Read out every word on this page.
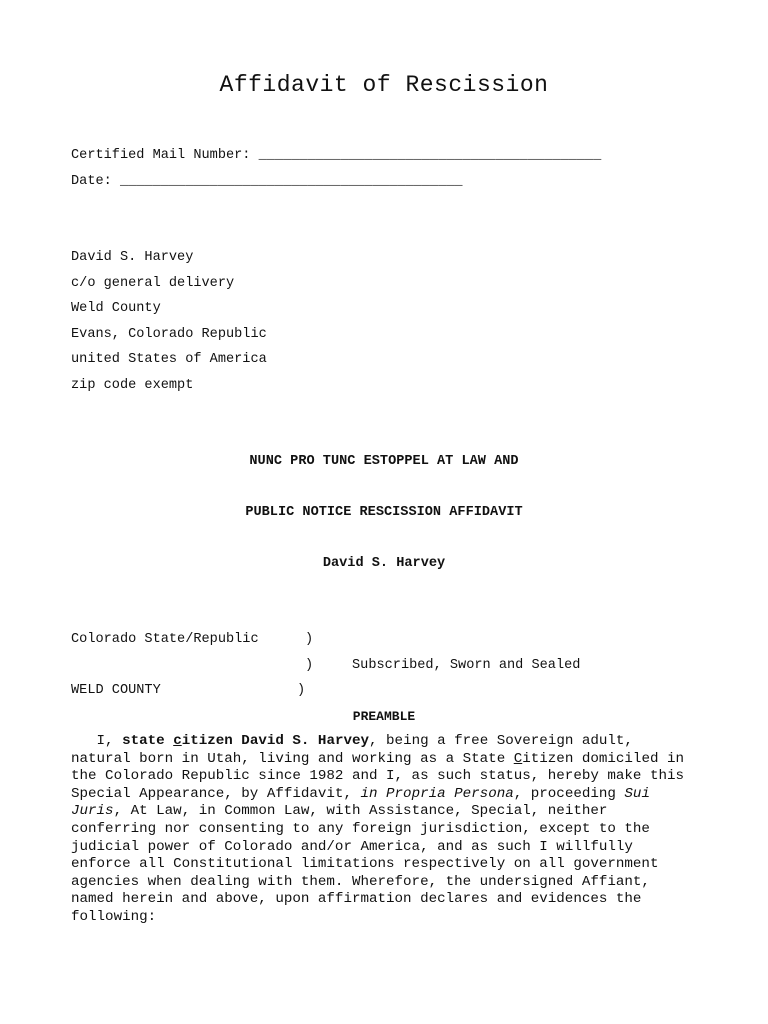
Affidavit of Rescission
Certified Mail Number: __________________________________________
Date: __________________________________________
David S. Harvey
c/o general delivery
Weld County
Evans, Colorado Republic
united States of America
zip code exempt
NUNC PRO TUNC ESTOPPEL AT LAW AND
PUBLIC NOTICE RESCISSION AFFIDAVIT
David S. Harvey
Colorado State/Republic	)
)	Subscribed, Sworn and Sealed
WELD COUNTY	)
PREAMBLE
I, state citizen David S. Harvey, being a free Sovereign adult, natural born in Utah, living and working as a State Citizen domiciled in the Colorado Republic since 1982 and I, as such status, hereby make this Special Appearance, by Affidavit, in Propria Persona, proceeding Sui Juris, At Law, in Common Law, with Assistance, Special, neither conferring nor consenting to any foreign jurisdiction, except to the judicial power of Colorado and/or America, and as such I willfully enforce all Constitutional limitations respectively on all government agencies when dealing with them. Wherefore, the undersigned Affiant, named herein and above, upon affirmation declares and evidences the following:
